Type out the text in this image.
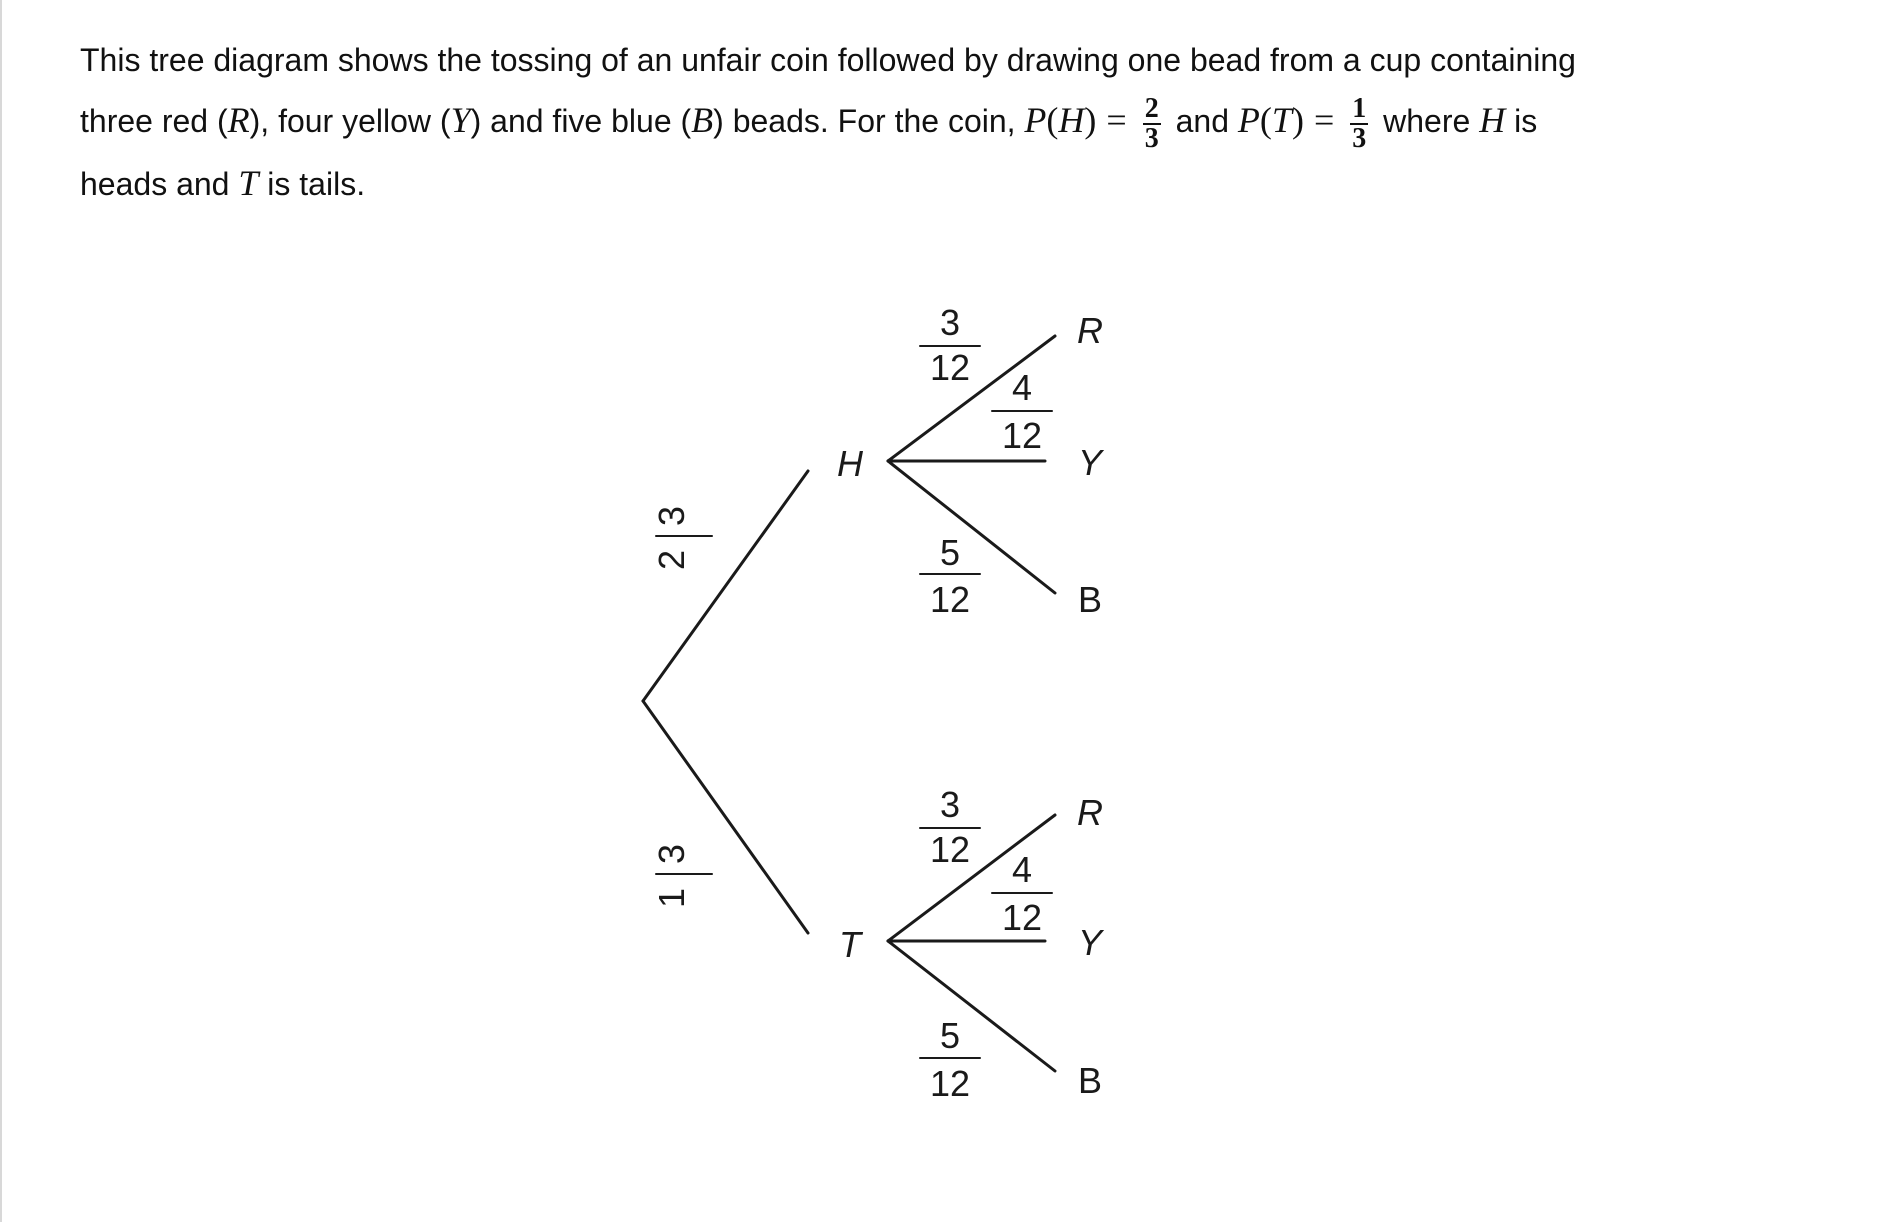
This tree diagram shows the tossing of an unfair coin followed by drawing one bead from a cup containing
three red (R), four yellow (Y) and five blue (B) beads. For the coin, $P(H) = \frac{2}{3}$ and $P(T) = \frac{1}{3}$ where H is
heads and T is tails.
H
T
R
Y
B
R
Y
B
2
3
1
3
3
12 4
12
5
12
3
12 4
12
5
12
